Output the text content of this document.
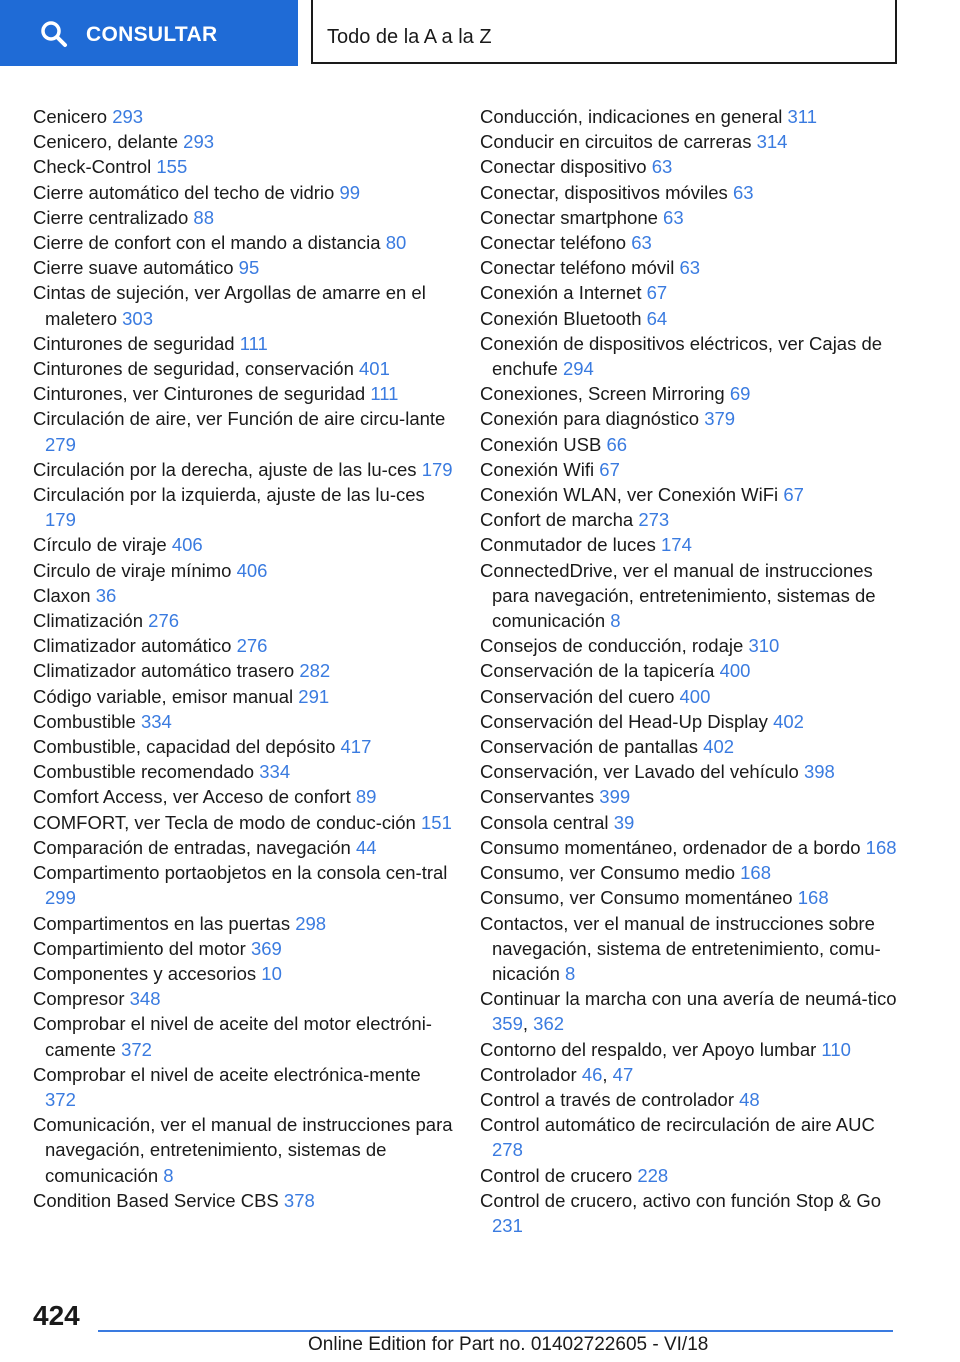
CONSULTAR	Todo de la A a la Z

Cenicero 293

Cenicero, delante 293

Check-Control 155

Cierre automático del techo de vidrio 99

Cierre centralizado 88

Cierre de confort con el mando a distancia 80

Cierre suave automático 95

Cintas de sujeción, ver Argollas de amarre en el maletero 303

Cinturones de seguridad 111

Cinturones de seguridad, conservación 401

Cinturones, ver Cinturones de seguridad 111

Circulación de aire, ver Función de aire circu‐lante 279

Circulación por la derecha, ajuste de las lu‐ces 179

Circulación por la izquierda, ajuste de las lu‐ces 179

Círculo de viraje 406

Circulo de viraje mínimo 406

Claxon 36

Climatización 276

Climatizador automático 276

Climatizador automático trasero 282

Código variable, emisor manual 291

Combustible 334

Combustible, capacidad del depósito 417

Combustible recomendado 334

Comfort Access, ver Acceso de confort 89

COMFORT, ver Tecla de modo de conduc‐ción 151

Comparación de entradas, navegación 44

Compartimento portaobjetos en la consola cen‐tral 299

Compartimentos en las puertas 298

Compartimiento del motor 369

Componentes y accesorios 10

Compresor 348

Comprobar el nivel de aceite del motor electróni‐camente 372

Comprobar el nivel de aceite electrónica‐mente 372

Comunicación, ver el manual de instrucciones para navegación, entretenimiento, sistemas de comunicación 8

Condition Based Service CBS 378

Conducción, indicaciones en general 311

Conducir en circuitos de carreras 314

Conectar dispositivo 63

Conectar, dispositivos móviles 63

Conectar smartphone 63

Conectar teléfono 63

Conectar teléfono móvil 63

Conexión a Internet 67

Conexión Bluetooth 64

Conexión de dispositivos eléctricos, ver Cajas de enchufe 294

Conexiones, Screen Mirroring 69

Conexión para diagnóstico 379

Conexión USB 66

Conexión Wifi 67

Conexión WLAN, ver Conexión WiFi 67

Confort de marcha 273

Conmutador de luces 174

ConnectedDrive, ver el manual de instrucciones para navegación, entretenimiento, sistemas de comunicación 8

Consejos de conducción, rodaje 310

Conservación de la tapicería 400

Conservación del cuero 400

Conservación del Head-Up Display 402

Conservación de pantallas 402

Conservación, ver Lavado del vehículo 398

Conservantes 399

Consola central 39

Consumo momentáneo, ordenador de a bordo 168

Consumo, ver Consumo medio 168

Consumo, ver Consumo momentáneo 168

Contactos, ver el manual de instrucciones sobre navegación, sistema de entretenimiento, comu‐nicación 8

Continuar la marcha con una avería de neumá‐tico 359, 362

Contorno del respaldo, ver Apoyo lumbar 110

Controlador 46, 47

Control a través de controlador 48

Control automático de recirculación de aire AUC 278

Control de crucero 228

Control de crucero, activo con función Stop & Go 231

424
Online Edition for Part no. 01402722605 - VI/18
